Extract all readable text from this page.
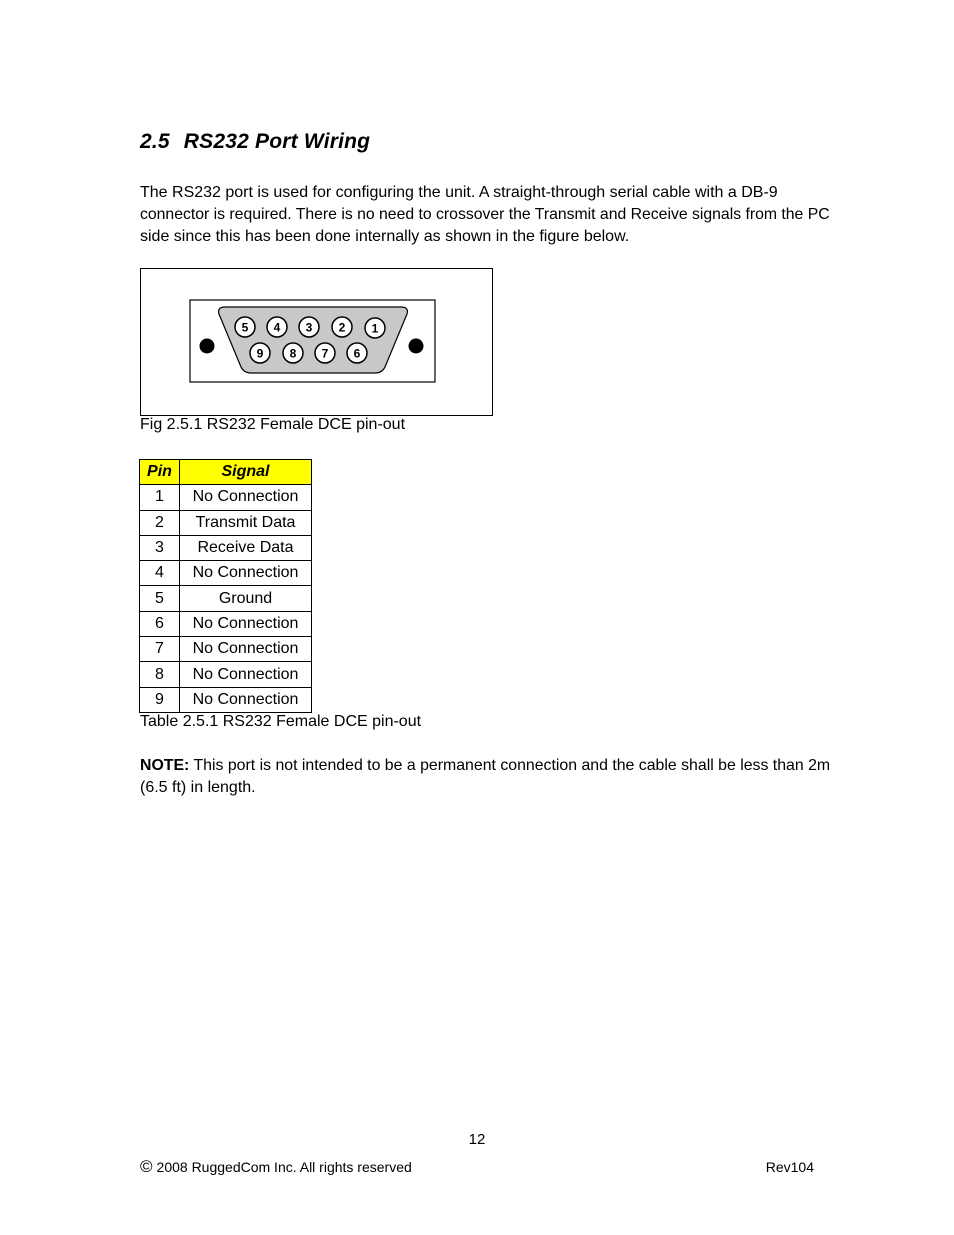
2.5 RS232 Port Wiring
The RS232 port is used for configuring the unit. A straight-through serial cable with a DB-9
connector is required. There is no need to crossover the Transmit and Receive signals from the PC
side since this has been done internally as shown in the figure below.
5 4 3 2 1
9 8 7 6
Fig 2.5.1 RS232 Female DCE pin-out
Pin	Signal
1	No Connection
2	Transmit Data
3	Receive Data
4	No Connection
5	Ground
6	No Connection
7	No Connection
8	No Connection
9	No Connection
Table 2.5.1 RS232 Female DCE pin-out
NOTE: This port is not intended to be a permanent connection and the cable shall be less than 2m
(6.5 ft) in length.
12
© 2008 RuggedCom Inc. All rights reserved	Rev104
